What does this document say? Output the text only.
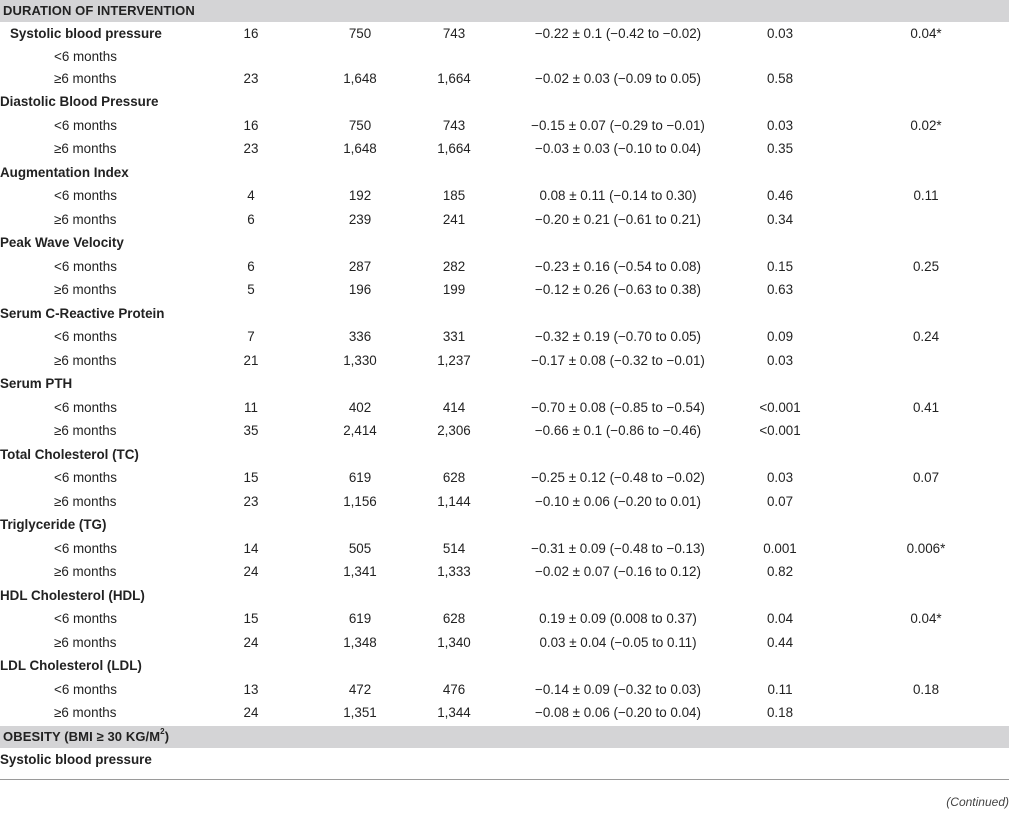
DURATION OF INTERVENTION
Systolic blood pressure	16	750	743	−0.22 ± 0.1 (−0.42 to −0.02)	0.03	0.04*
<6 months
≥6 months	23	1,648	1,664	−0.02 ± 0.03 (−0.09 to 0.05)	0.58
Diastolic Blood Pressure
<6 months	16	750	743	−0.15 ± 0.07 (−0.29 to −0.01)	0.03	0.02*
≥6 months	23	1,648	1,664	−0.03 ± 0.03 (−0.10 to 0.04)	0.35
Augmentation Index
<6 months	4	192	185	0.08 ± 0.11 (−0.14 to 0.30)	0.46	0.11
≥6 months	6	239	241	−0.20 ± 0.21 (−0.61 to 0.21)	0.34
Peak Wave Velocity
<6 months	6	287	282	−0.23 ± 0.16 (−0.54 to 0.08)	0.15	0.25
≥6 months	5	196	199	−0.12 ± 0.26 (−0.63 to 0.38)	0.63
Serum C-Reactive Protein
<6 months	7	336	331	−0.32 ± 0.19 (−0.70 to 0.05)	0.09	0.24
≥6 months	21	1,330	1,237	−0.17 ± 0.08 (−0.32 to −0.01)	0.03
Serum PTH
<6 months	11	402	414	−0.70 ± 0.08 (−0.85 to −0.54)	<0.001	0.41
≥6 months	35	2,414	2,306	−0.66 ± 0.1 (−0.86 to −0.46)	<0.001
Total Cholesterol (TC)
<6 months	15	619	628	−0.25 ± 0.12 (−0.48 to −0.02)	0.03	0.07
≥6 months	23	1,156	1,144	−0.10 ± 0.06 (−0.20 to 0.01)	0.07
Triglyceride (TG)
<6 months	14	505	514	−0.31 ± 0.09 (−0.48 to −0.13)	0.001	0.006*
≥6 months	24	1,341	1,333	−0.02 ± 0.07 (−0.16 to 0.12)	0.82
HDL Cholesterol (HDL)
<6 months	15	619	628	0.19 ± 0.09 (0.008 to 0.37)	0.04	0.04*
≥6 months	24	1,348	1,340	0.03 ± 0.04 (−0.05 to 0.11)	0.44
LDL Cholesterol (LDL)
<6 months	13	472	476	−0.14 ± 0.09 (−0.32 to 0.03)	0.11	0.18
≥6 months	24	1,351	1,344	−0.08 ± 0.06 (−0.20 to 0.04)	0.18
OBESITY (BMI ≥ 30 $KG/M^2$)
Systolic blood pressure
(Continued)
